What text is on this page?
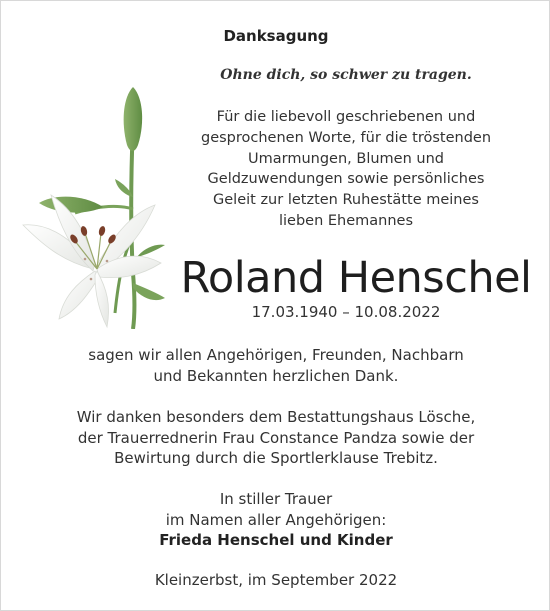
Danksagung
Ohne dich, so schwer zu tragen.
Für die liebevoll geschriebenen und
gesprochenen Worte, für die tröstenden
Umarmungen, Blumen und
Geldzuwendungen sowie persönliches
Geleit zur letzten Ruhestätte meines
lieben Ehemannes
Roland Henschel
17.03.1940 – 10.08.2022
sagen wir allen Angehörigen, Freunden, Nachbarn
und Bekannten herzlichen Dank.
Wir danken besonders dem Bestattungshaus Lösche,
der Trauerrednerin Frau Constance Pandza sowie der
Bewirtung durch die Sportlerklause Trebitz.
In stiller Trauer
im Namen aller Angehörigen:
Frieda Henschel und Kinder
Kleinzerbst, im September 2022
